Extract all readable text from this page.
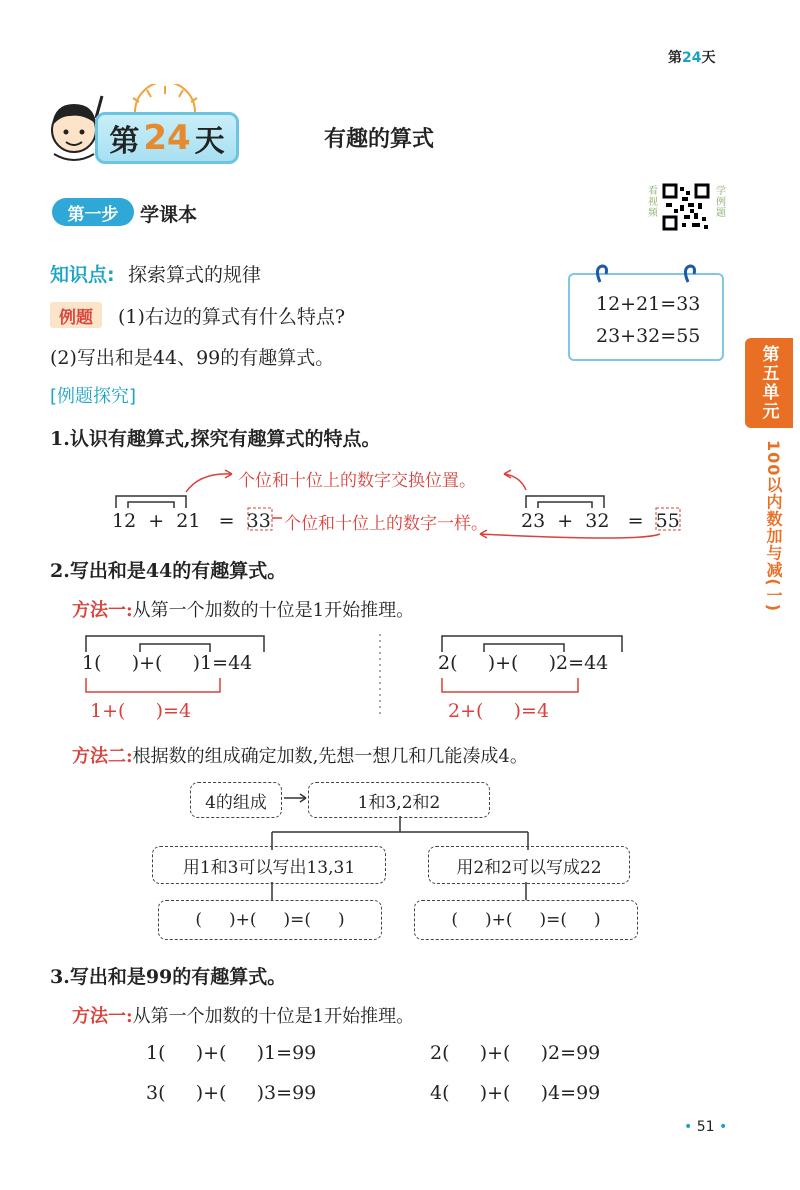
第24天
第 24 天	有趣的算式
第一步	学课本
看视频
学例题
知识点: 探索算式的规律
例题	(1)右边的算式有什么特点?
(2)写出和是44、99的有趣算式。
[例题探究]
12+21=33
23+32=55
1.认识有趣算式,探究有趣算式的特点。
个位和十位上的数字交换位置。
个位和十位上的数字一样。
12 + 21 = 33	23 + 32 = 55
2.写出和是44的有趣算式。
方法一:从第一个加数的十位是1开始推理。
1(     )+(     )1=44
1+(     )=4
2(     )+(     )2=44
2+(     )=4
方法二:根据数的组成确定加数,先想一想几和几能凑成4。
4的组成	1和3,2和2
用1和3可以写出13,31	用2和2可以写成22
(     )+(     )=(     )	(     )+(     )=(     )
3.写出和是99的有趣算式。
方法一:从第一个加数的十位是1开始推理。
1(     )+(     )1=99	2(     )+(     )2=99
3(     )+(     )3=99	4(     )+(     )4=99
第五单元
100以内数加与减(一)
• 51 •
